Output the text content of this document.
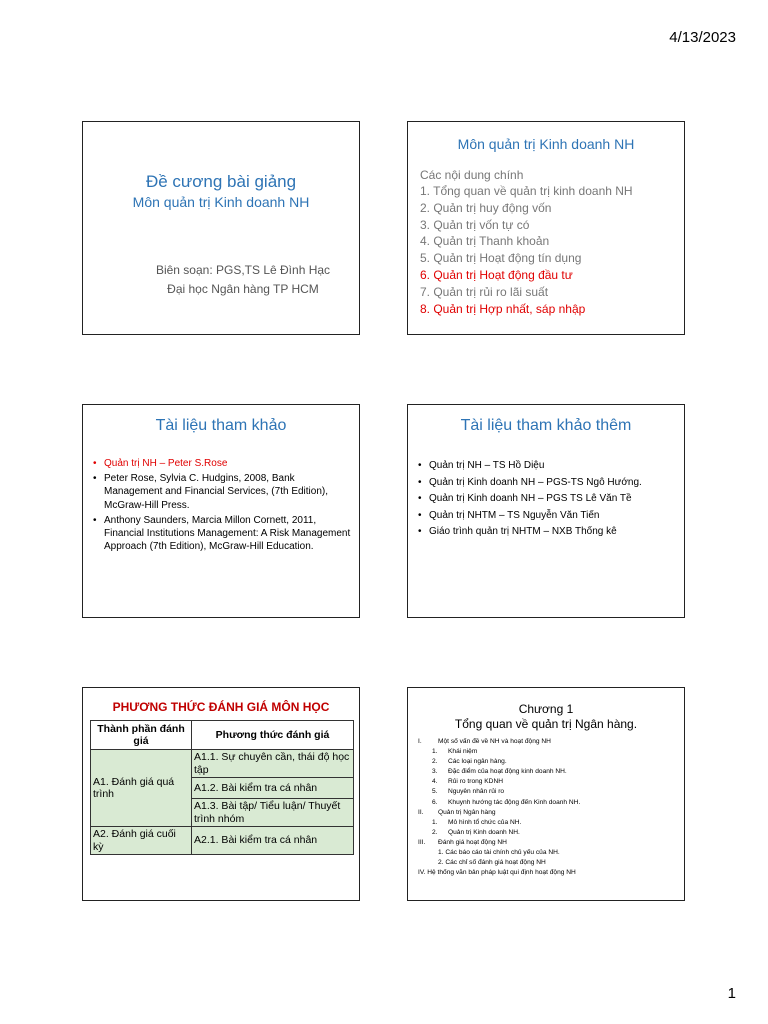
4/13/2023
Đề cương bài giảng
Môn quản trị Kinh doanh NH
Biên soạn: PGS,TS Lê Đình Hạc
Đại học Ngân hàng TP HCM
Môn quản trị Kinh doanh NH
Các nội dung chính
1. Tổng quan về quản trị kinh doanh NH
2. Quản trị huy động vốn
3. Quản trị vốn tự có
4. Quản trị Thanh khoản
5. Quản trị Hoạt động tín dụng
6. Quản trị Hoạt động đầu tư
7. Quản trị rủi ro lãi suất
8. Quản trị Hợp nhất, sáp nhập
Tài liệu tham khảo
• Quản trị NH – Peter S.Rose
• Peter Rose, Sylvia C. Hudgins, 2008, Bank Management and Financial Services, (7th Edition), McGraw-Hill Press.
• Anthony Saunders, Marcia Millon Cornett, 2011, Financial Institutions Management: A Risk Management Approach (7th Edition), McGraw-Hill Education.
Tài liệu tham khảo thêm
• Quản trị NH – TS Hồ Diệu
• Quản trị Kinh doanh NH – PGS-TS Ngô Hướng.
• Quản trị Kinh doanh NH – PGS TS Lê Văn Tề
• Quản trị NHTM – TS Nguyễn Văn Tiến
• Giáo trình quản trị NHTM – NXB Thống kê
PHƯƠNG THỨC ĐÁNH GIÁ MÔN HỌC
Thành phần đánh giá	Phương thức đánh giá
A1. Đánh giá quá trình	A1.1. Sự chuyên cần, thái độ học tập
	A1.2. Bài kiểm tra cá nhân
	A1.3. Bài tập/ Tiểu luận/ Thuyết trình nhóm
A2. Đánh giá cuối kỳ	A2.1. Bài kiểm tra cá nhân
Chương 1
Tổng quan về quản trị Ngân hàng.
I. Một số vấn đề về NH và hoạt động NH
1. Khái niệm
2. Các loại ngân hàng.
3. Đặc điểm của hoạt động kinh doanh NH.
4. Rủi ro trong KDNH
5. Nguyên nhân rủi ro
6. Khuynh hướng tác động đến Kinh doanh NH.
II. Quản trị Ngân hàng
1. Mô hình tổ chức của NH.
2. Quản trị Kinh doanh NH.
III. Đánh giá hoạt động NH
1. Các báo cáo tài chính chủ yếu của NH.
2. Các chỉ số đánh giá hoạt động NH
IV. Hệ thống văn bản pháp luật qui định hoạt động NH
1
